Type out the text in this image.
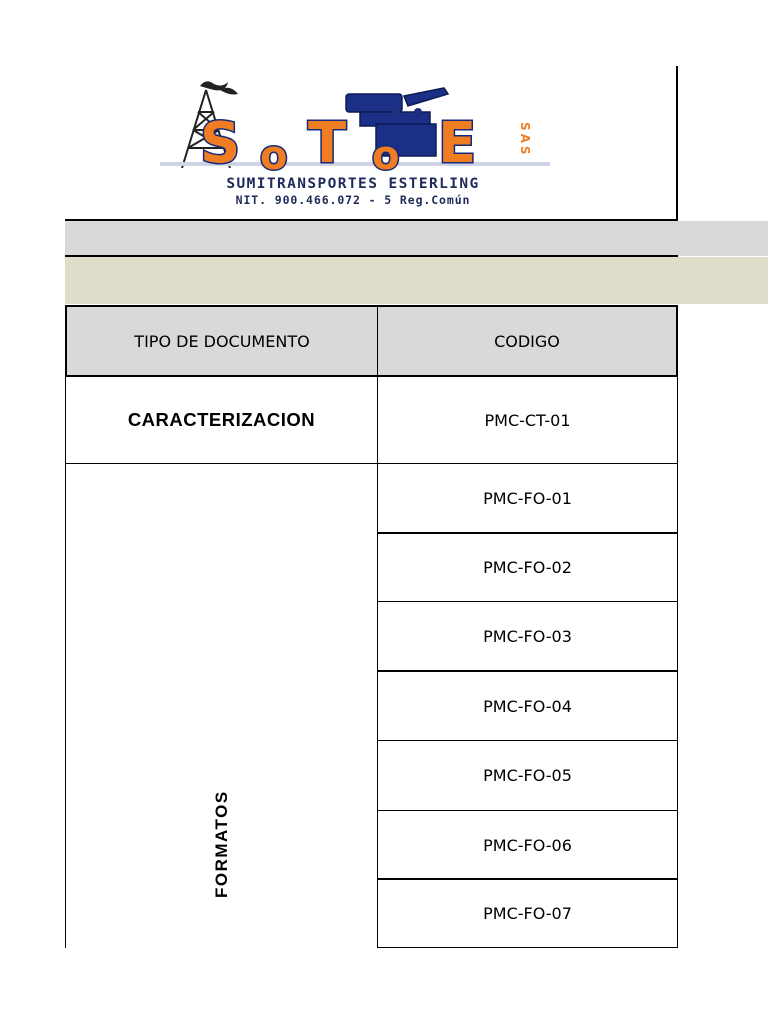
S o T o E	SAS
SUMITRANSPORTES ESTERLING
NIT. 900.466.072 - 5 Reg.Común
TIPO DE DOCUMENTO	CODIGO
CARACTERIZACION	PMC-CT-01
FORMATOS
PMC-FO-01
PMC-FO-02
PMC-FO-03
PMC-FO-04
PMC-FO-05
PMC-FO-06
PMC-FO-07
